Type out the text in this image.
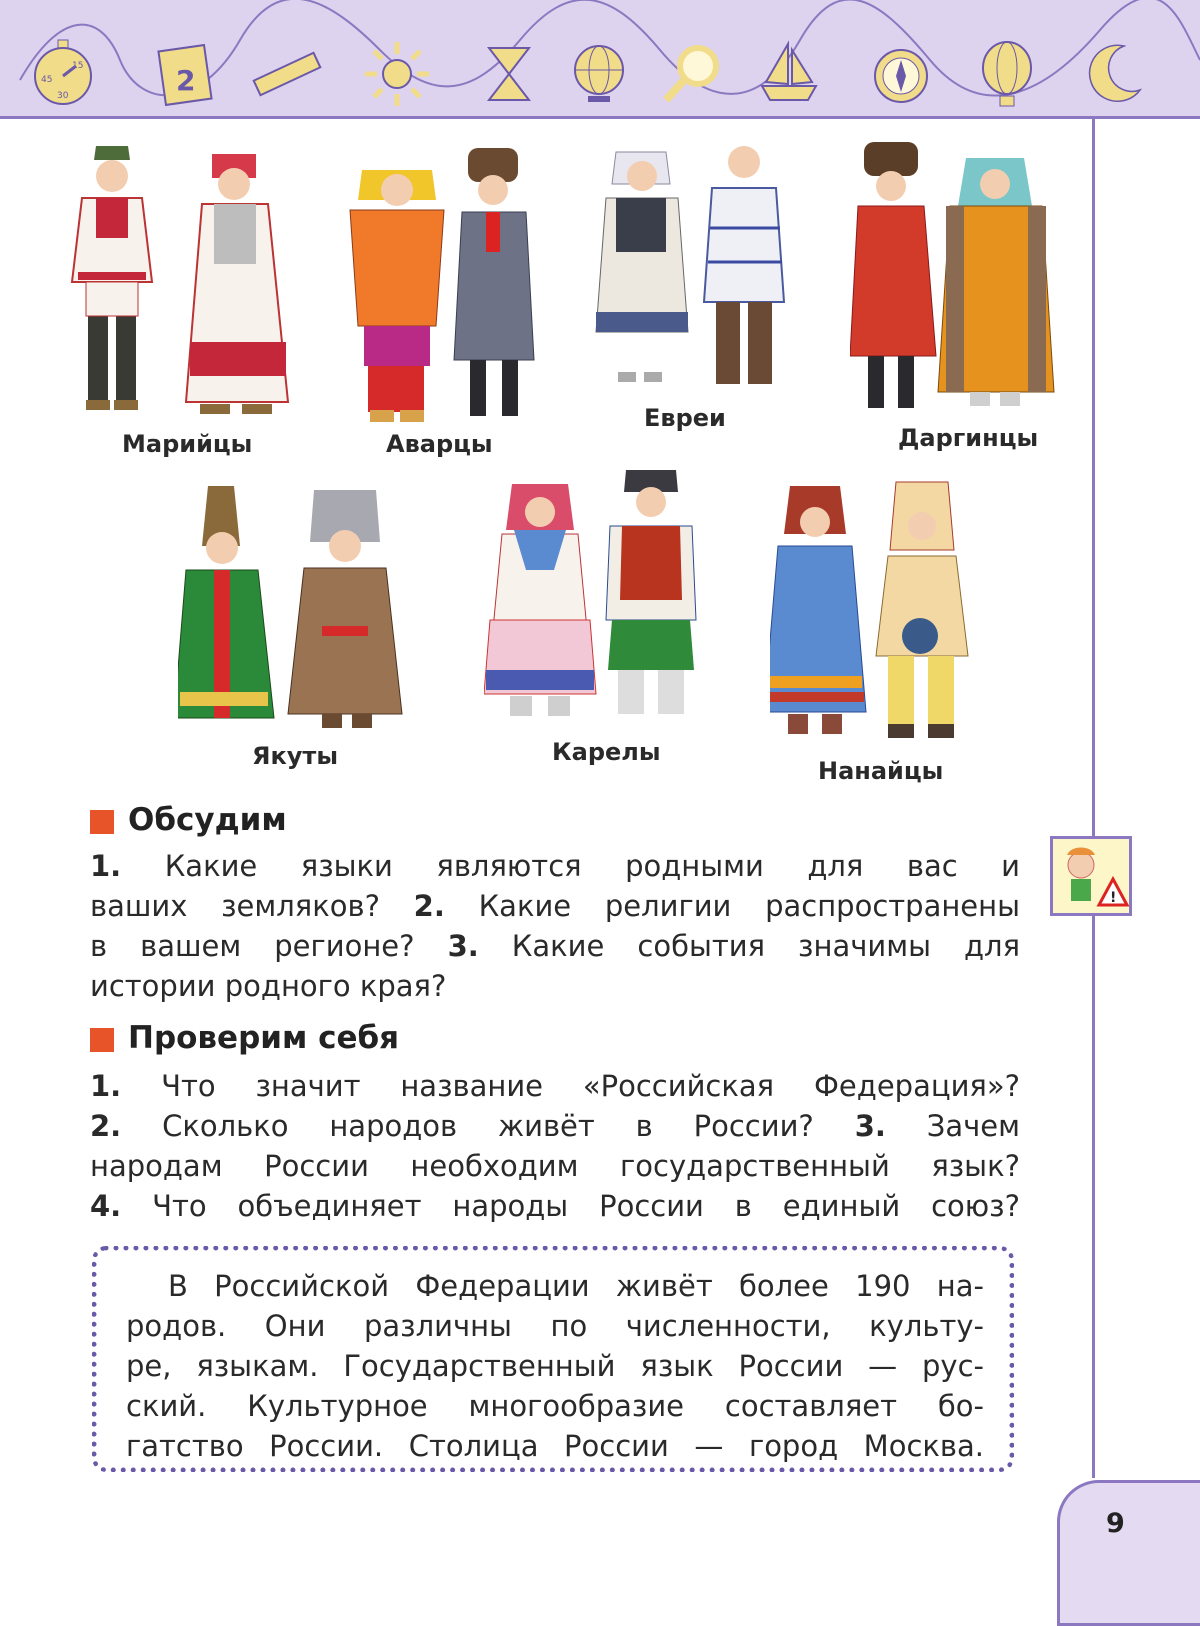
45
15
30	2
Марийцы	Аварцы
Евреи
Даргинцы
Якуты	Карелы
Нанайцы
Обсудим
1. Какие языки являются родными для вас и
ваших земляков? 2. Какие религии распространены
в вашем регионе? 3. Какие события значимы для
истории родного края?
!
Проверим себя
1. Что значит название «Российская Федерация»?
2. Сколько народов живёт в России? 3. Зачем
народам России необходим государственный язык?
4. Что объединяет народы России в единый союз?
В Российской Федерации живёт более 190 на-
родов. Они различны по численности, культу-
ре, языкам. Государственный язык России — рус-
ский. Культурное многообразие составляет бо-
гатство России. Столица России — город Москва.
9
